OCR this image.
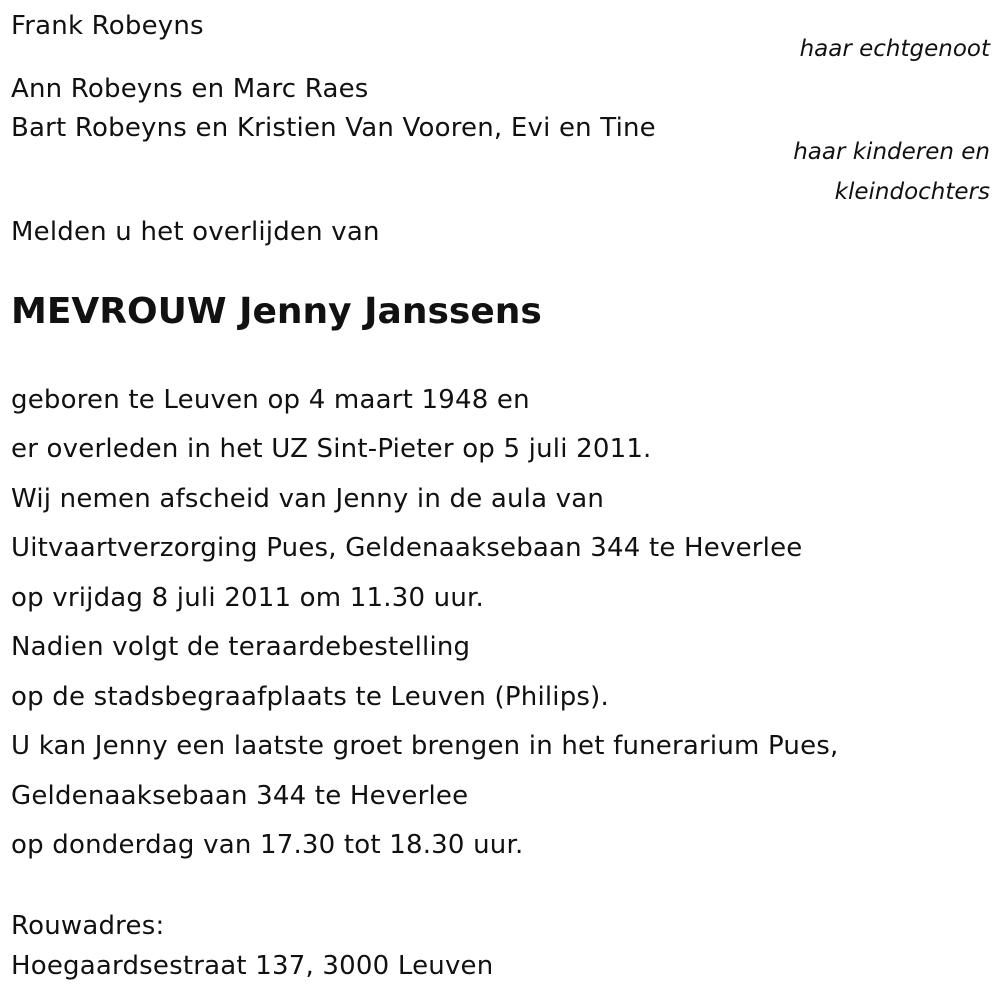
Frank Robeyns
haar echtgenoot
Ann Robeyns en Marc Raes
Bart Robeyns en Kristien Van Vooren, Evi en Tine
haar kinderen en
kleindochters
Melden u het overlijden van
MEVROUW Jenny Janssens
geboren te Leuven op 4 maart 1948 en
er overleden in het UZ Sint-Pieter op 5 juli 2011.
Wij nemen afscheid van Jenny in de aula van
Uitvaartverzorging Pues, Geldenaaksebaan 344 te Heverlee
op vrijdag 8 juli 2011 om 11.30 uur.
Nadien volgt de teraardebestelling
op de stadsbegraafplaats te Leuven (Philips).
U kan Jenny een laatste groet brengen in het funerarium Pues,
Geldenaaksebaan 344 te Heverlee
op donderdag van 17.30 tot 18.30 uur.
Rouwadres:
Hoegaardsestraat 137, 3000 Leuven
